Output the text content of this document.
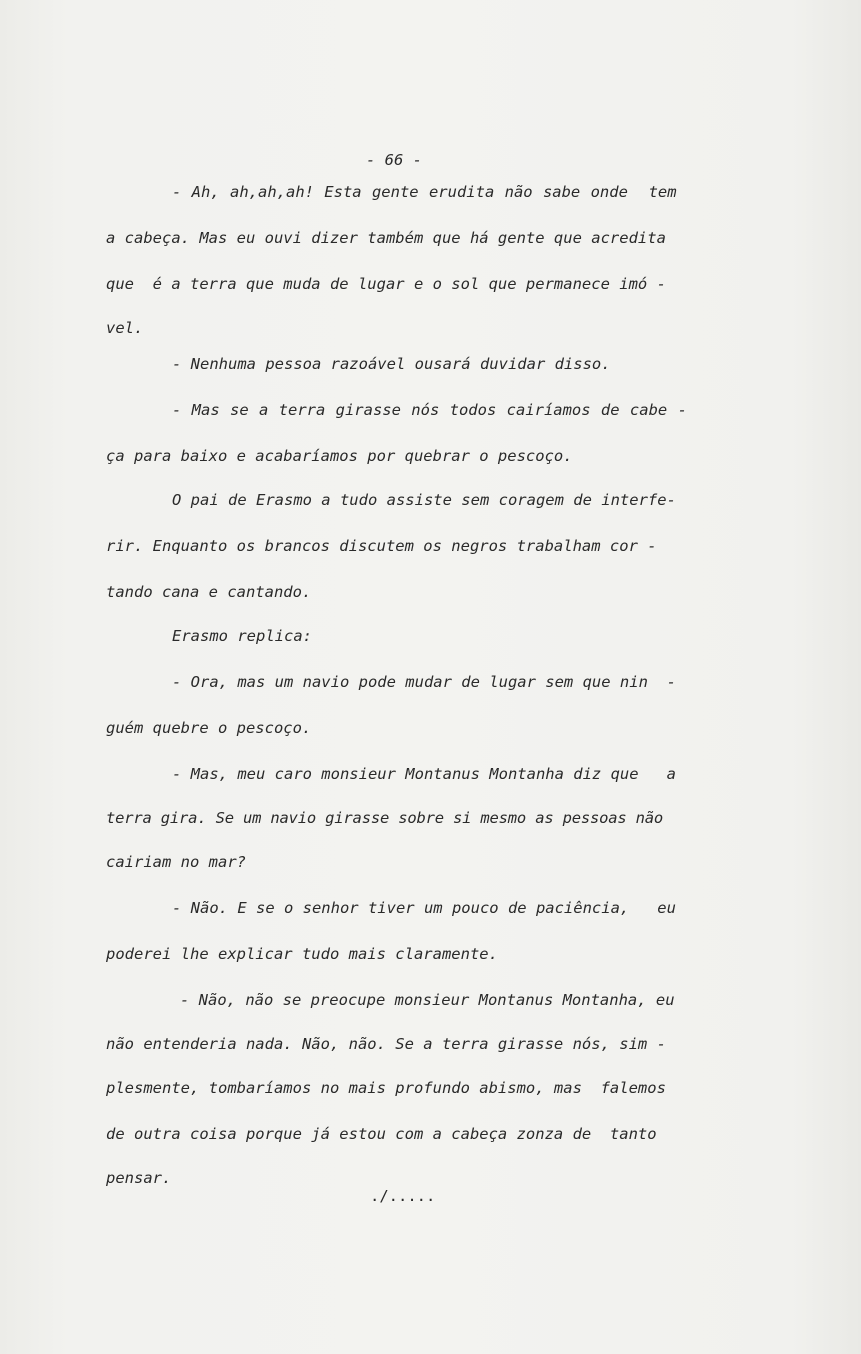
- 66 -
- Ah, ah,ah,ah! Esta gente erudita não sabe onde  tem
a cabeça. Mas eu ouvi dizer também que há gente que acredita
que  é a terra que muda de lugar e o sol que permanece imó -
vel.
- Nenhuma pessoa razoável ousará duvidar disso.
- Mas se a terra girasse nós todos cairíamos de cabe -
ça para baixo e acabaríamos por quebrar o pescoço.
O pai de Erasmo a tudo assiste sem coragem de interfe-
rir. Enquanto os brancos discutem os negros trabalham cor -
tando cana e cantando.
Erasmo replica:
- Ora, mas um navio pode mudar de lugar sem que nin  -
guém quebre o pescoço.
- Mas, meu caro monsieur Montanus Montanha diz que   a
terra gira. Se um navio girasse sobre si mesmo as pessoas não
cairiam no mar?
- Não. E se o senhor tiver um pouco de paciência,   eu
poderei lhe explicar tudo mais claramente.
- Não, não se preocupe monsieur Montanus Montanha, eu
não entenderia nada. Não, não. Se a terra girasse nós, sim -
plesmente, tombaríamos no mais profundo abismo, mas  falemos
de outra coisa porque já estou com a cabeça zonza de  tanto
pensar.
./.....
